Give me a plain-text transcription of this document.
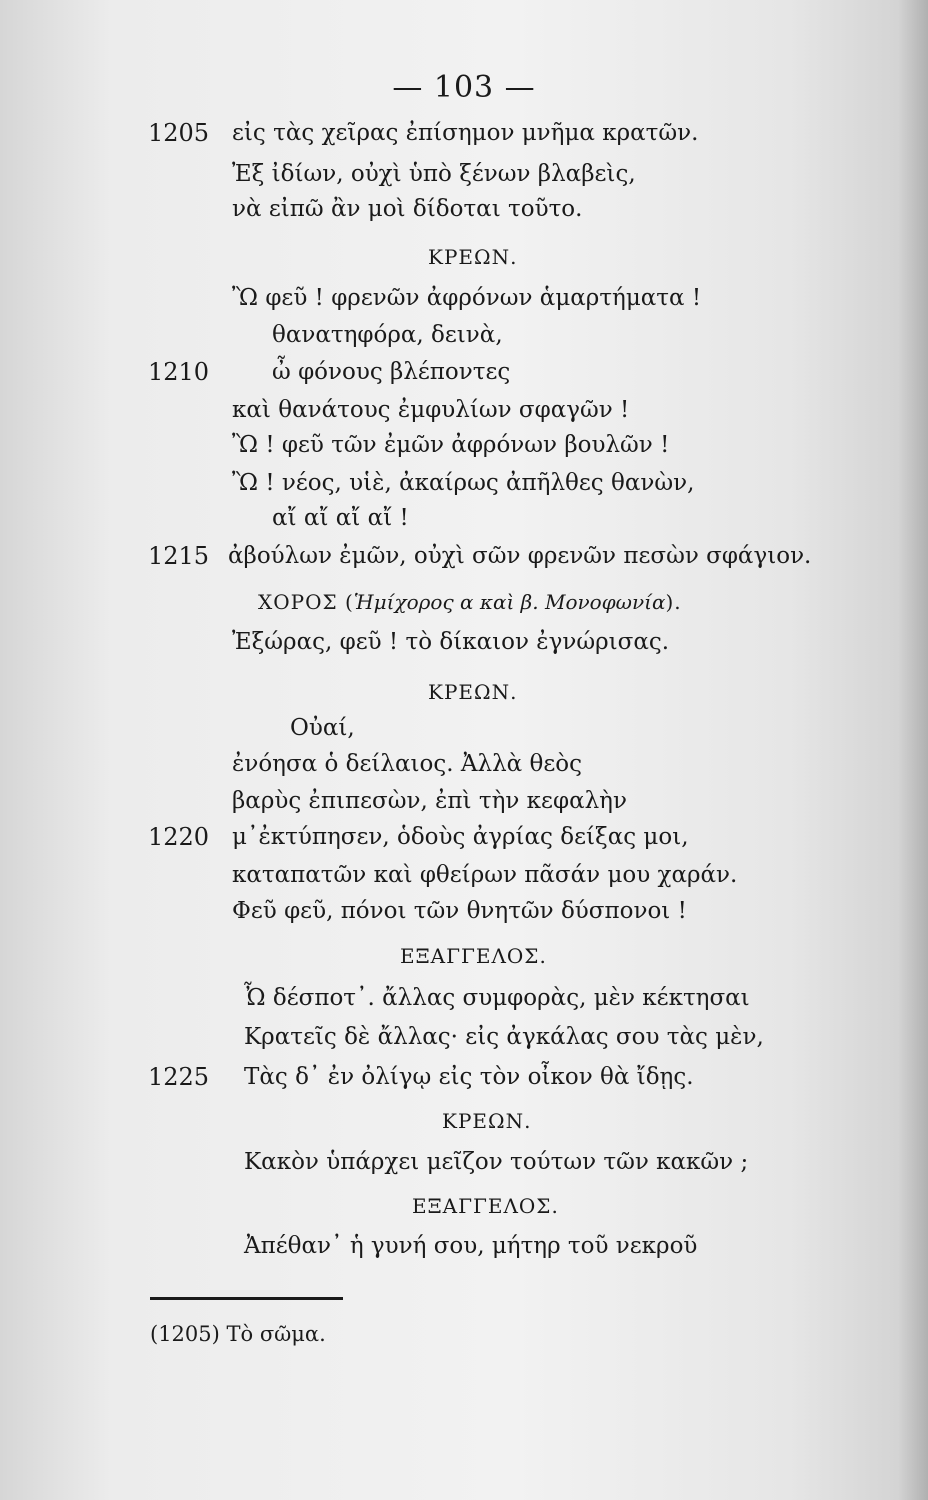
— 103 —
1205 εἰς τὰς χεῖρας ἐπίσημον μνῆμα κρατῶν.
Ἐξ ἰδίων, οὐχὶ ὑπὸ ξένων βλαβεὶς,
νὰ εἰπῶ ἂν μοὶ δίδοται τοῦτο.
ΚΡΕΩΝ.
Ὢ φεῦ ! φρενῶν ἀφρόνων ἁμαρτήματα !
θανατηφόρα, δεινὰ,
1210	ὦ φόνους βλέποντες
καὶ θανάτους ἐμφυλίων σφαγῶν !
Ὢ ! φεῦ τῶν ἐμῶν ἀφρόνων βουλῶν !
Ὢ ! νέος, υἱὲ, ἀκαίρως ἀπῆλθες θανὼν,
αἴ αἴ αἴ αἴ !
1215 ἀβούλων ἐμῶν, οὐχὶ σῶν φρενῶν πεσὼν σφάγιον.
ΧΟΡΟΣ (Ἡμίχορος α καὶ β. Μονοφωνία).
Ἐξώρας, φεῦ ! τὸ δίκαιον ἐγνώρισας.
ΚΡΕΩΝ.
Οὐαί,
ἐνόησα ὁ δείλαιος. Ἀλλὰ θεὸς
βαρὺς ἐπιπεσὼν, ἐπὶ τὴν κεφαλὴν
1220 μ᾽ἐκτύπησεν, ὁδοὺς ἀγρίας δείξας μοι,
καταπατῶν καὶ φθείρων πᾶσάν μου χαράν.
Φεῦ φεῦ, πόνοι τῶν θνητῶν δύσπονοι !
ΕΞΑΓΓΕΛΟΣ.
Ὦ δέσποτ᾽. ἄλλας συμφορὰς, μὲν κέκτησαι
Κρατεῖς δὲ ἄλλας· εἰς ἀγκάλας σου τὰς μὲν,
1225 Τὰς δ᾽ ἐν ὀλίγῳ εἰς τὸν οἶκον θὰ ἴδῃς.
ΚΡΕΩΝ.
Κακὸν ὑπάρχει μεῖζον τούτων τῶν κακῶν ;
ΕΞΑΓΓΕΛΟΣ.
Ἀπέθαν᾽ ἡ γυνή σου, μήτηρ τοῦ νεκροῦ
(1205) Τὸ σῶμα.
